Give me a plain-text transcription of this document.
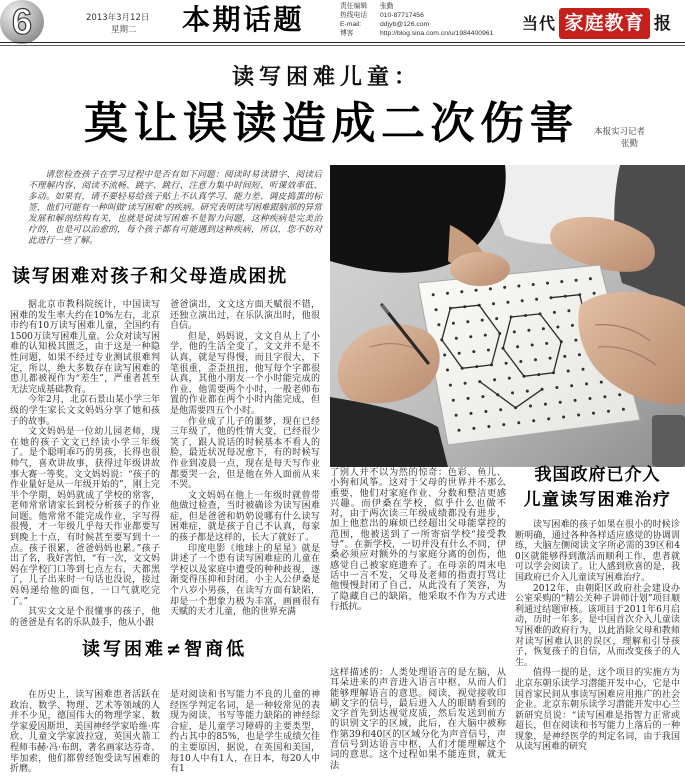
6	2013年3月12日
星期二 本期话题	责任编辑 张勤
热线电话 010-87717456
E-mail:	ddjyb@126.com
博客	http://blog.sina.com.cn/u/1984400961
当代 家庭教育 报
读写困难儿童：
莫让误读造成二次伤害 本报实习记者
张勤
请您检查孩子在学习过程中是否有如下问题：阅读时易读错字、阅读后不理解内容、阅读不流畅、跳字、跳行、注意力集中时间短、听课效率低、多动。如果有，请不要轻易给孩子贴上不认真学习、能力差、调皮捣蛋的标签，他们可能有一种叫做‘读写困难’的疾病。研究表明读写困难跟脑部的异常发展和解剖结构有关，也就是说读写困难不是智力问题，这种疾病是完美治疗的，也是可以治愈的，每个孩子都有可能遇到这种疾病，所以，您不妨对此进行一些了解。
读写困难对孩子和父母造成困扰

据北京市教科院统计，中国读写困难的发生率大约在10%左右，北京市约有10万读写困难儿童，全国约有1500万读写困难儿童。公众对读写困难的认知极其匮乏，由于这是一种隐性问题，如果不经过专业测试很难判定，所以，绝大多数存在读写困难的患儿都被视作为“差生”，严重者甚至无法完成基础教育。

今年2月，北京石景山某小学三年级的学生家长文文妈妈分享了她和孩子的故事。

文文妈妈是一位幼儿园老师，现在她的孩子文文已经读小学三年级了。是个聪明乖巧的男孩，长得也很帅气，喜欢讲故事，获得过年级讲故事大赛一等奖。文文妈妈说：“孩子的作业量好是从一年级开始的”，刚上完半个学期，妈妈就成了学校的常客，老师常常请家长到校分析孩子的作业问题。他常常不能完成作业，字写得很慢，才一年级几乎每天作业都要写到晚上十点，有时候甚至要写到十一点。孩子很累，爸爸妈妈也累。”孩子出了名，我好害怕，“有一次，文文妈妈在学校门口等到七点左右，天都黑了，儿子出来时一句话也没说，接过妈妈递给他的面包，一口气就吃完了。”

其实文文是个很懂事的孩子，他的爸爸是有名的乐队鼓手，他从小跟

爸爸演出，文文这方面天赋很不错，还独立演出过，在乐队演出时，他很自信。

但是，妈妈说，文文自从上了小学，他的生活全变了，文文并不是不认真，就是写得慢，而且字很大，下笔很重，歪歪扭扭，他写每个字都很认真，其他小朋友一个小时能完成的作业，他需要两个小时，一般老师布置的作业都在两个小时内能完成，但是他需要四五个小时。

作业成了儿子的噩梦，现在已经三年级了，他的性情大变，已经很少笑了，跟人说话的时候基本不看人的脸，最近状况每况愈下，有的时候写作业到凌晨一点，现在是每天写作业都要哭一会，但是他在外人面前从来不哭。

文文妈妈在他上一年级时就曾带他做过检查，当时被确诊为读写困难症，但是爸爸和奶奶说哪有什么读写困难症，就是孩子自己不认真，每家的孩子都是这样的，长大了就好了。

印度电影《地球上的星星》就是讲述了一个患有读写困难症的儿童在学校以及家庭中遭受的种种歧视，逐渐变得压抑和封闭。小主人公伊桑是个八岁小男孩，在读写方面有缺陷，却是一个想象力极为丰富，画画很有天赋的天才儿童，他的世界充满

了别人并不以为然的惊奇：色彩、鱼儿、小狗和风筝。这对于父母的世界并不那么重要，他们对家庭作业、分数和整洁更感兴趣。而伊桑在学校，似乎什么也做不对，由于两次读三年级成绩都没有进步，加上他惹出的麻烦已经超出父母能掌控的范围，他被送到了一所寄宿学校“接受教导”。在新学校，一切并没有什么不同，伊桑必须应对额外的与家庭分离的创伤，他感觉自己被家庭遗弃了。在母亲的周末电话中一言不发，父母及老师的指责打骂让他慢慢封闭了自己，从此没有了笑容，为了隐藏自己的缺陷，他采取不作为方式进行抵抗。

我国政府已介入
儿童读写困难治疗

读写困难的孩子如果在很小的时候诊断明确，通过各种各样适应感觉的协调训练，大脑左侧阅读文字所必需的39区和40区就能够得到激活而顺利工作，患者就可以学会阅读了。让人感到欣喜的是，我国政府已介入儿童读写困难治疗。

2012年，由朝阳区政府社会建设办公室采购的“精公关种子讲师计划”项目顺利通过结题审核。该项目于2011年6月启动，历时一年多，是中国首次介入儿童读写困难的政府行为，以此消除父母和教师对读写困难认识的误区，理解和引导孩子，恢复孩子的自信，从而改变孩子的人生。

值得一提的是，这个项目的实施方为北京东朝乐读学习潜能开发中心，它是中国首家民间从事读写困难应用推广的社会企业。北京东朝乐读学习潜能开发中心兰新研究员说：“读写困难是指智力正常或超长，但在阅读和书写能力上落后的一种现象，是神经医学的判定名词，由于我国从读写困难的研究

读写困难≠智商低

在历史上，读写困难患者活跃在政治、数学、物理、艺术等领域的人并不少见，德国伟大的物理学家、数学家爱因斯坦，美国神经学家哈维·库欣、儿童文学家波拉寇，英国火箭工程师韦赫·冯·布朗，著名画家达芬奇、毕加索，他们都曾经饱受读写困难的折磨。

是对阅读和书写能力不良的儿童的神经医学判定名词，是一种较常见的表现为阅读、书写等能力缺陷的神经综合症，是儿童学习障碍的主要类型，约占其中的85%，也是学生成绩欠佳的主要原因，据说，在英国和美国，每10人中有1人，在日本，每20人中有1

这样描述的：人类处理语言的是左脑，从耳朵进来的声音进入语言中枢，从而人们能够理解语言的意思。阅读，视觉接收印刷文字的信号，最后进入人的眼睛看到的文字首先到达视觉皮质，然后发送到前方的识别文字的区域，此后，在大脑中被称作第39和40区的区域分化为声音信号，声音信号到达语言中枢，人们才能理解这个词的意思。这个过程如果不能连贯，就无法
